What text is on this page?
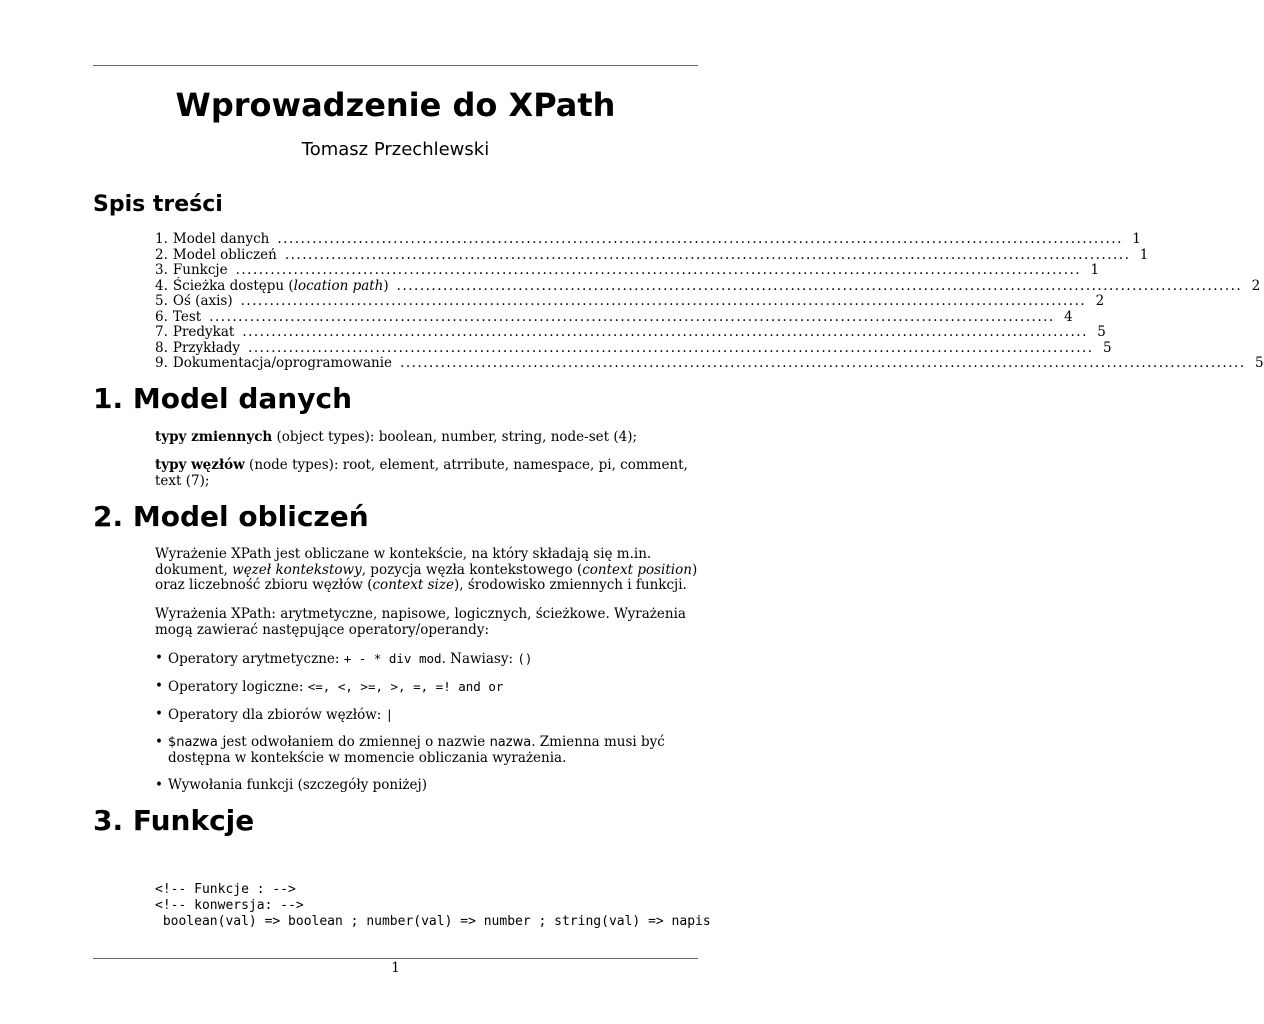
Wprowadzenie do XPath
Tomasz Przechlewski
Spis treści
1. Model danych .................................................................................................................................................. 1
2. Model obliczeń .................................................................................................................................................. 1
3. Funkcje .................................................................................................................................................. 1
4. Ścieżka dostępu (location path) .................................................................................................................................................. 2
5. Oś (axis) .................................................................................................................................................. 2
6. Test .................................................................................................................................................. 4
7. Predykat .................................................................................................................................................. 5
8. Przykłady .................................................................................................................................................. 5
9. Dokumentacja/oprogramowanie .................................................................................................................................................. 5
1. Model danych
typy zmiennych (object types): boolean, number, string, node-set (4);
typy węzłów (node types): root, element, atrribute, namespace, pi, comment, text (7);
2. Model obliczeń
Wyrażenie XPath jest obliczane w kontekście, na który składają się m.in. dokument, węzeł kontekstowy, pozycja węzła kontekstowego (context position) oraz liczebność zbioru węzłów (context size), środowisko zmiennych i funkcji.
Wyrażenia XPath: arytmetyczne, napisowe, logicznych, ścieżkowe. Wyrażenia mogą zawierać następujące operatory/operandy:
• Operatory arytmetyczne: + - * div mod. Nawiasy: ()
• Operatory logiczne: <=, <, >=, >, =, =! and or
• Operatory dla zbiorów węzłów: |
• $nazwa jest odwołaniem do zmiennej o nazwie nazwa. Zmienna musi być dostępna w kontekście w momencie obliczania wyrażenia.
• Wywołania funkcji (szczegóły poniżej)
3. Funkcje

<!-- Funkcje : -->
<!-- konwersja: -->
boolean(val) => boolean ; number(val) => number ; string(val) => napis
1
